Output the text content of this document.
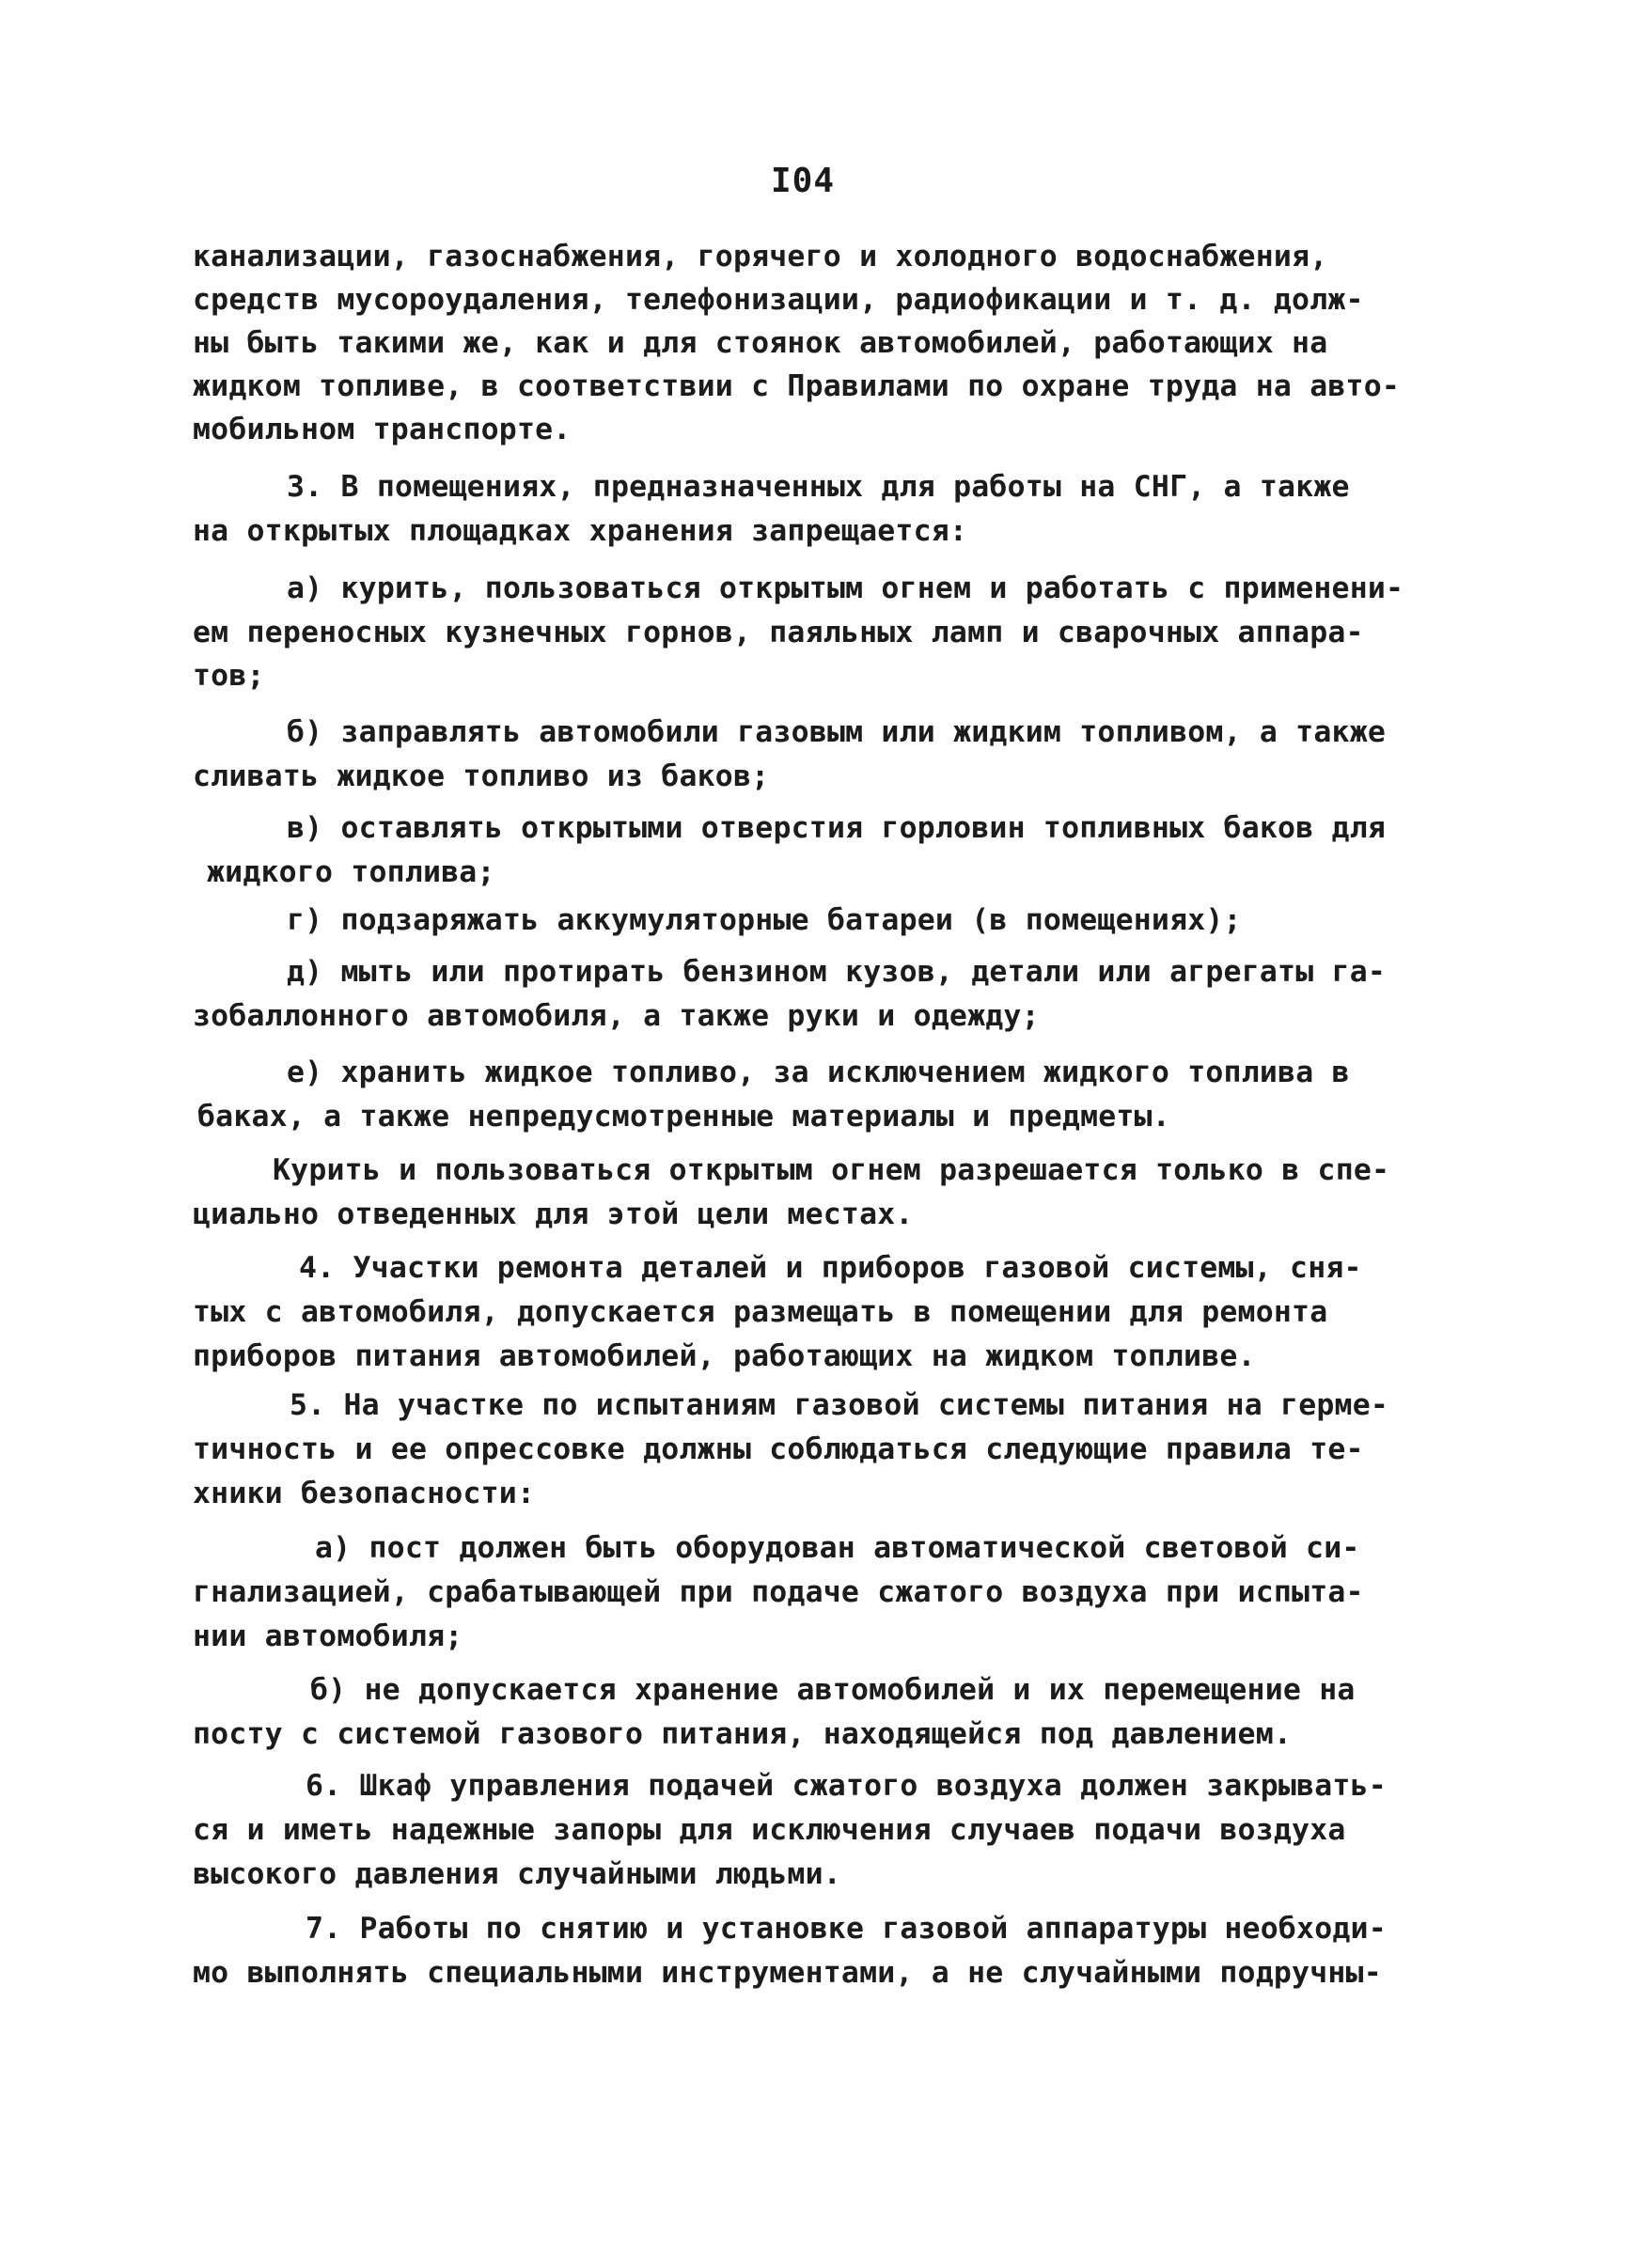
I04
канализации, газоснабжения, горячего и холодного водоснабжения,
средств мусороудаления, телефонизации, радиофикации и т. д. долж-
ны быть такими же, как и для стоянок автомобилей, работающих на
жидком топливе, в соответствии с Правилами по охране труда на авто-
мобильном транспорте.
3. В помещениях, предназначенных для работы на СНГ, а также
на открытых площадках хранения запрещается:
а) курить, пользоваться открытым огнем и работать с применени-
ем переносных кузнечных горнов, паяльных ламп и сварочных аппара-
тов;
б) заправлять автомобили газовым или жидким топливом, а также
сливать жидкое топливо из баков;
в) оставлять открытыми отверстия горловин топливных баков для
жидкого топлива;
г) подзаряжать аккумуляторные батареи (в помещениях);
д) мыть или протирать бензином кузов, детали или агрегаты га-
зобаллонного автомобиля, а также руки и одежду;
е) хранить жидкое топливо, за исключением жидкого топлива в
баках, а также непредусмотренные материалы и предметы.
Курить и пользоваться открытым огнем разрешается только в спе-
циально отведенных для этой цели местах.
4. Участки ремонта деталей и приборов газовой системы, сня-
тых с автомобиля, допускается размещать в помещении для ремонта
приборов питания автомобилей, работающих на жидком топливе.
5. На участке по испытаниям газовой системы питания на герме-
тичность и ее опрессовке должны соблюдаться следующие правила те-
хники безопасности:
а) пост должен быть оборудован автоматической световой си-
гнализацией, срабатывающей при подаче сжатого воздуха при испыта-
нии автомобиля;
б) не допускается хранение автомобилей и их перемещение на
посту с системой газового питания, находящейся под давлением.
6. Шкаф управления подачей сжатого воздуха должен закрывать-
ся и иметь надежные запоры для исключения случаев подачи воздуха
высокого давления случайными людьми.
7. Работы по снятию и установке газовой аппаратуры необходи-
мо выполнять специальными инструментами, а не случайными подручны-
